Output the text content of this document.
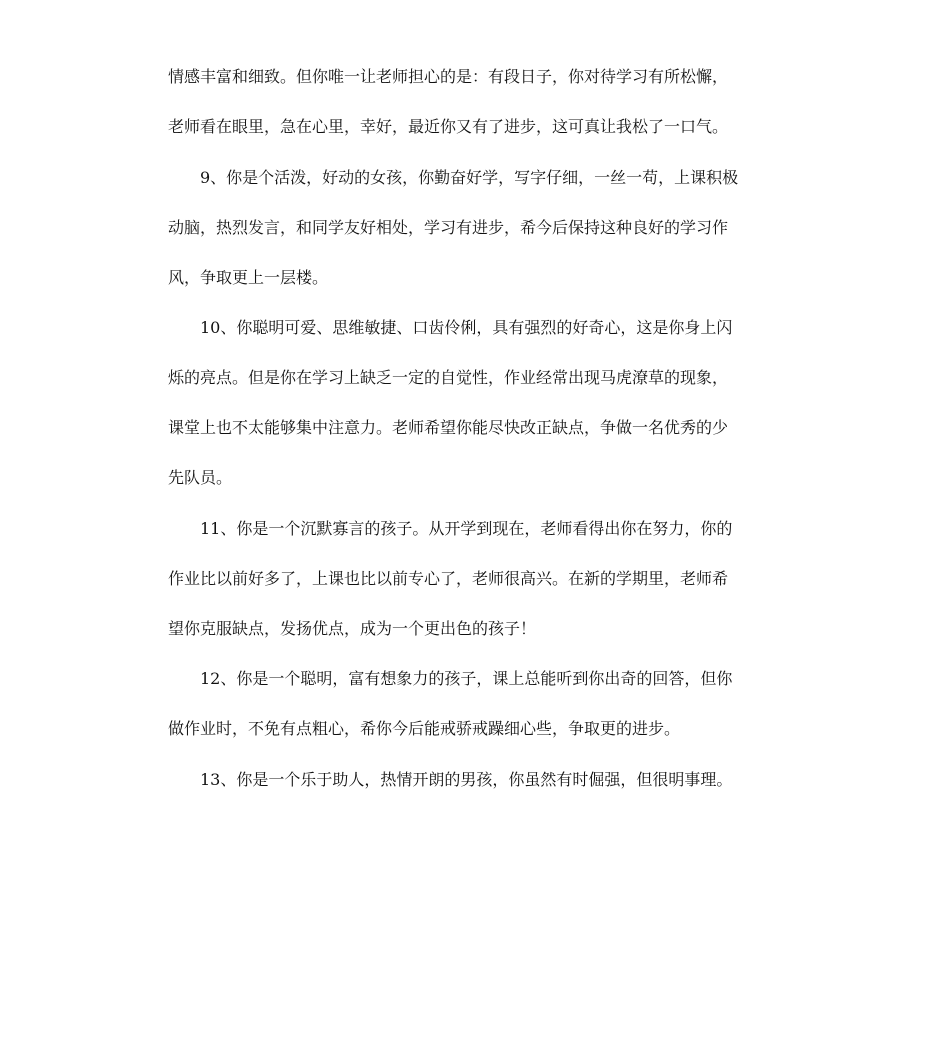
情感丰富和细致。但你唯一让老师担心的是：有段日子，你对待学习有所松懈，
老师看在眼里，急在心里，幸好，最近你又有了进步，这可真让我松了一口气。
9、你是个活泼，好动的女孩，你勤奋好学，写字仔细，一丝一苟，上课积极
动脑，热烈发言，和同学友好相处，学习有进步，希今后保持这种良好的学习作
风，争取更上一层楼。
10、你聪明可爱、思维敏捷、口齿伶俐，具有强烈的好奇心，这是你身上闪
烁的亮点。但是你在学习上缺乏一定的自觉性，作业经常出现马虎潦草的现象，
课堂上也不太能够集中注意力。老师希望你能尽快改正缺点，争做一名优秀的少
先队员。
11、你是一个沉默寡言的孩子。从开学到现在，老师看得出你在努力，你的
作业比以前好多了，上课也比以前专心了，老师很高兴。在新的学期里，老师希
望你克服缺点，发扬优点，成为一个更出色的孩子！
12、你是一个聪明，富有想象力的孩子，课上总能听到你出奇的回答，但你
做作业时，不免有点粗心，希你今后能戒骄戒躁细心些，争取更的进步。
13、你是一个乐于助人，热情开朗的男孩，你虽然有时倔强，但很明事理。
